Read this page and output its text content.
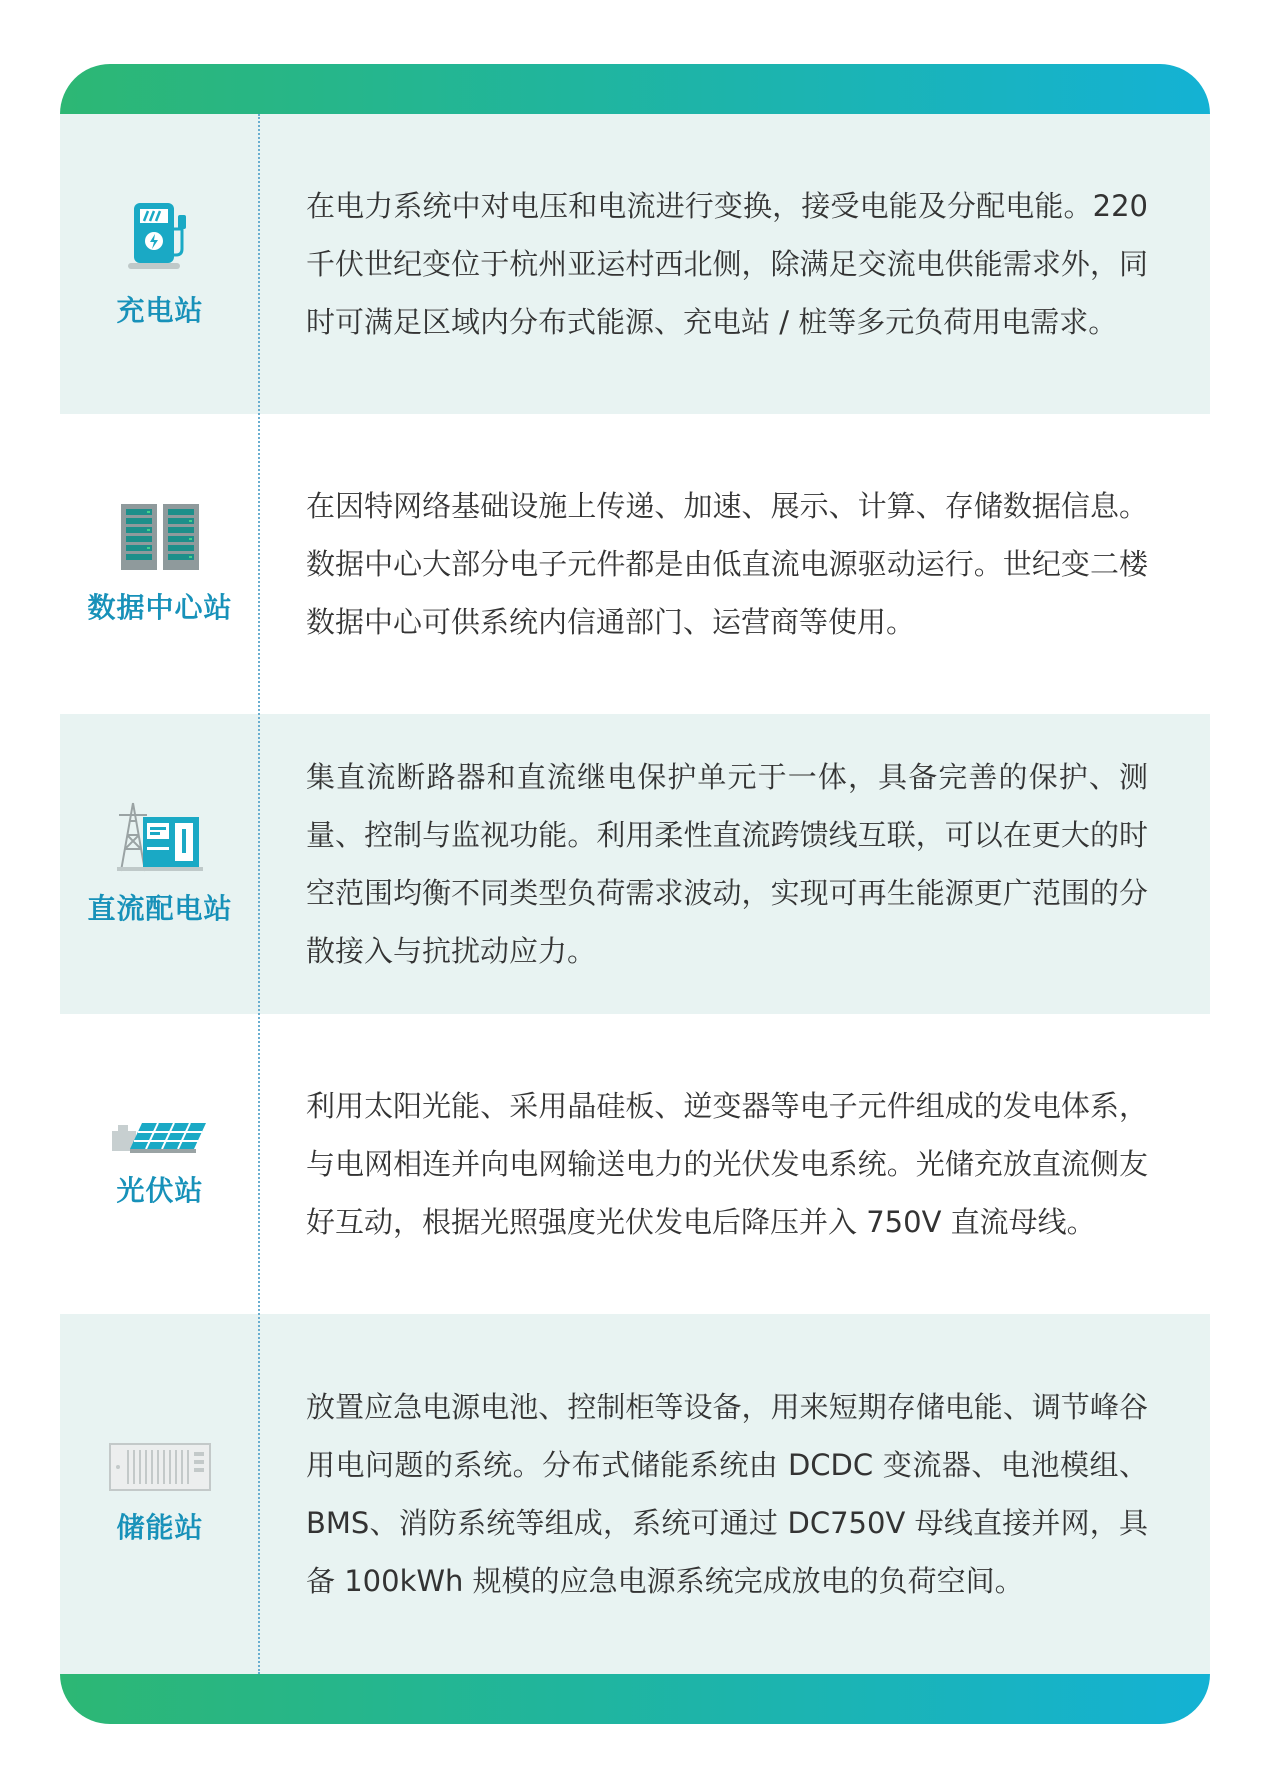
充电站
在电力系统中对电压和电流进行变换，接受电能及分配电能。220 千伏世纪变位于杭州亚运村西北侧，除满足交流电供能需求外，同时可满足区域内分布式能源、充电站 / 桩等多元负荷用电需求。
数据中心站
在因特网络基础设施上传递、加速、展示、计算、存储数据信息。数据中心大部分电子元件都是由低直流电源驱动运行。世纪变二楼数据中心可供系统内信通部门、运营商等使用。
直流配电站
集直流断路器和直流继电保护单元于一体，具备完善的保护、测量、控制与监视功能。利用柔性直流跨馈线互联，可以在更大的时空范围均衡不同类型负荷需求波动，实现可再生能源更广范围的分散接入与抗扰动应力。
光伏站
利用太阳光能、采用晶硅板、逆变器等电子元件组成的发电体系，与电网相连并向电网输送电力的光伏发电系统。光储充放直流侧友好互动，根据光照强度光伏发电后降压并入 750V 直流母线。
储能站
放置应急电源电池、控制柜等设备，用来短期存储电能、调节峰谷用电问题的系统。分布式储能系统由 DCDC 变流器、电池模组、BMS、消防系统等组成，系统可通过 DC750V 母线直接并网，具备 100kWh 规模的应急电源系统完成放电的负荷空间。
